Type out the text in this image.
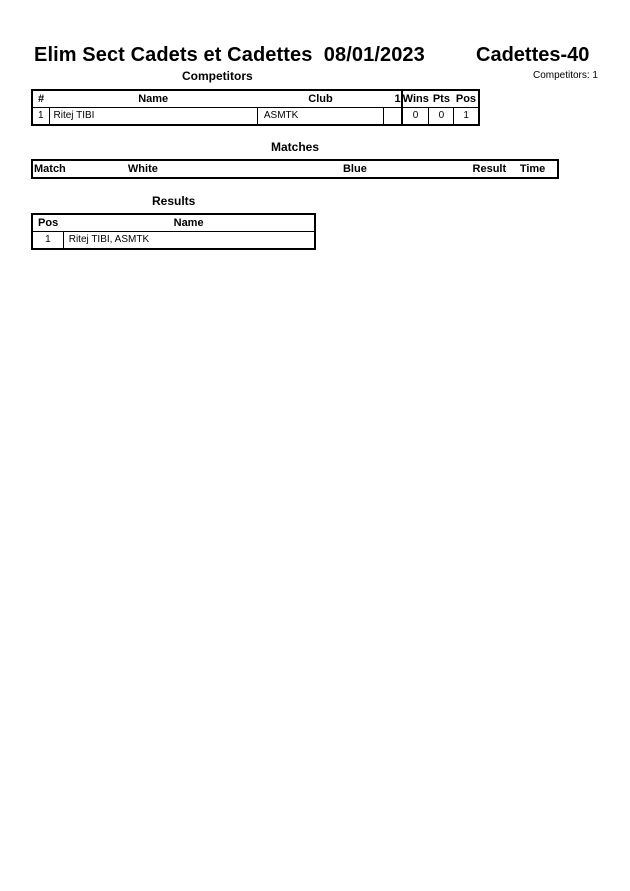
Elim Sect Cadets et Cadettes  08/01/2023	Cadettes-40
Competitors	Competitors: 1
#	Name	Club	1	Wins	Pts	Pos
1	Ritej TIBI	ASMTK		0	0	1
Matches
Match	White	Blue	Result	Time
Results
Pos	Name
1	Ritej TIBI, ASMTK
